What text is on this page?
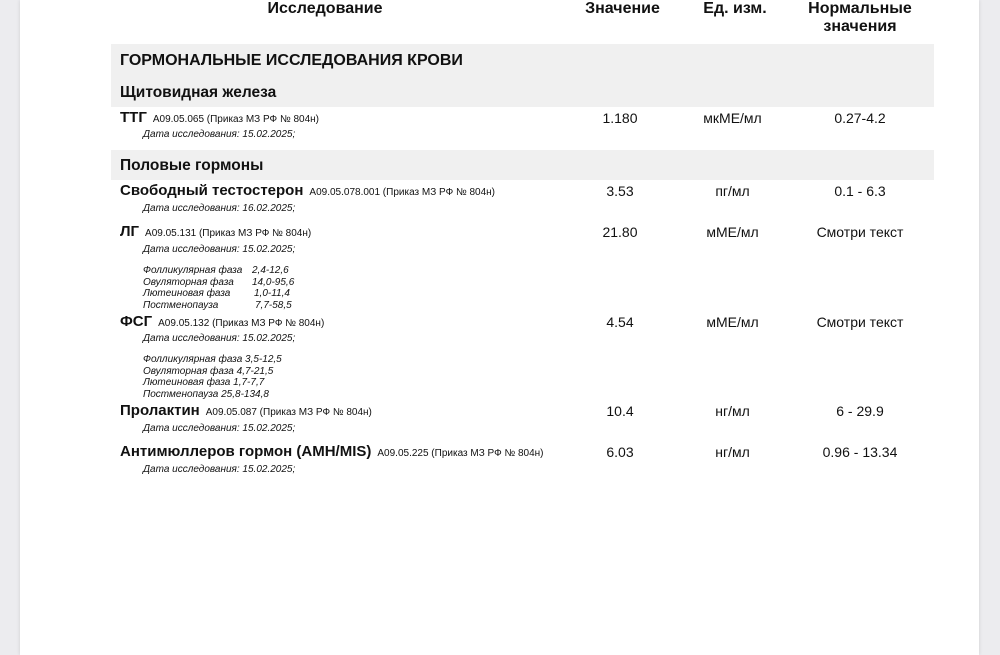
Исследование	Значение	Ед. изм.	Нормальные
значения
ГОРМОНАЛЬНЫЕ ИССЛЕДОВАНИЯ КРОВИ
Щитовидная железа
Половые гормоны
ТТГ A09.05.065 (Приказ МЗ РФ № 804н)
Дата исследования: 15.02.2025;
1.180	мкМЕ/мл	0.27-4.2
Свободный тестостерон A09.05.078.001 (Приказ МЗ РФ № 804н)
Дата исследования: 16.02.2025;
3.53	пг/мл	0.1 - 6.3
ЛГ A09.05.131 (Приказ МЗ РФ № 804н)
Дата исследования: 15.02.2025;
21.80	мМЕ/мл	Смотри текст
Фолликулярная фаза 2,4-12,6
Овуляторная фаза	14,0-95,6
Лютеиновая фаза	1,0-11,4
Постменопауза	7,7-58,5
ФСГ A09.05.132 (Приказ МЗ РФ № 804н)
Дата исследования: 15.02.2025;
4.54	мМЕ/мл	Смотри текст
Фолликулярная фаза
3,5-12,5
Овуляторная фаза
4,7-21,5
Лютеиновая фаза
1,7-7,7
Постменопауза
25,8-134,8
Пролактин A09.05.087 (Приказ МЗ РФ № 804н)
Дата исследования: 15.02.2025;
10.4	нг/мл	6 - 29.9
Антимюллеров гормон (AMH/MIS) A09.05.225 (Приказ МЗ РФ № 804н)
Дата исследования: 15.02.2025;
6.03	нг/мл	0.96 - 13.34
